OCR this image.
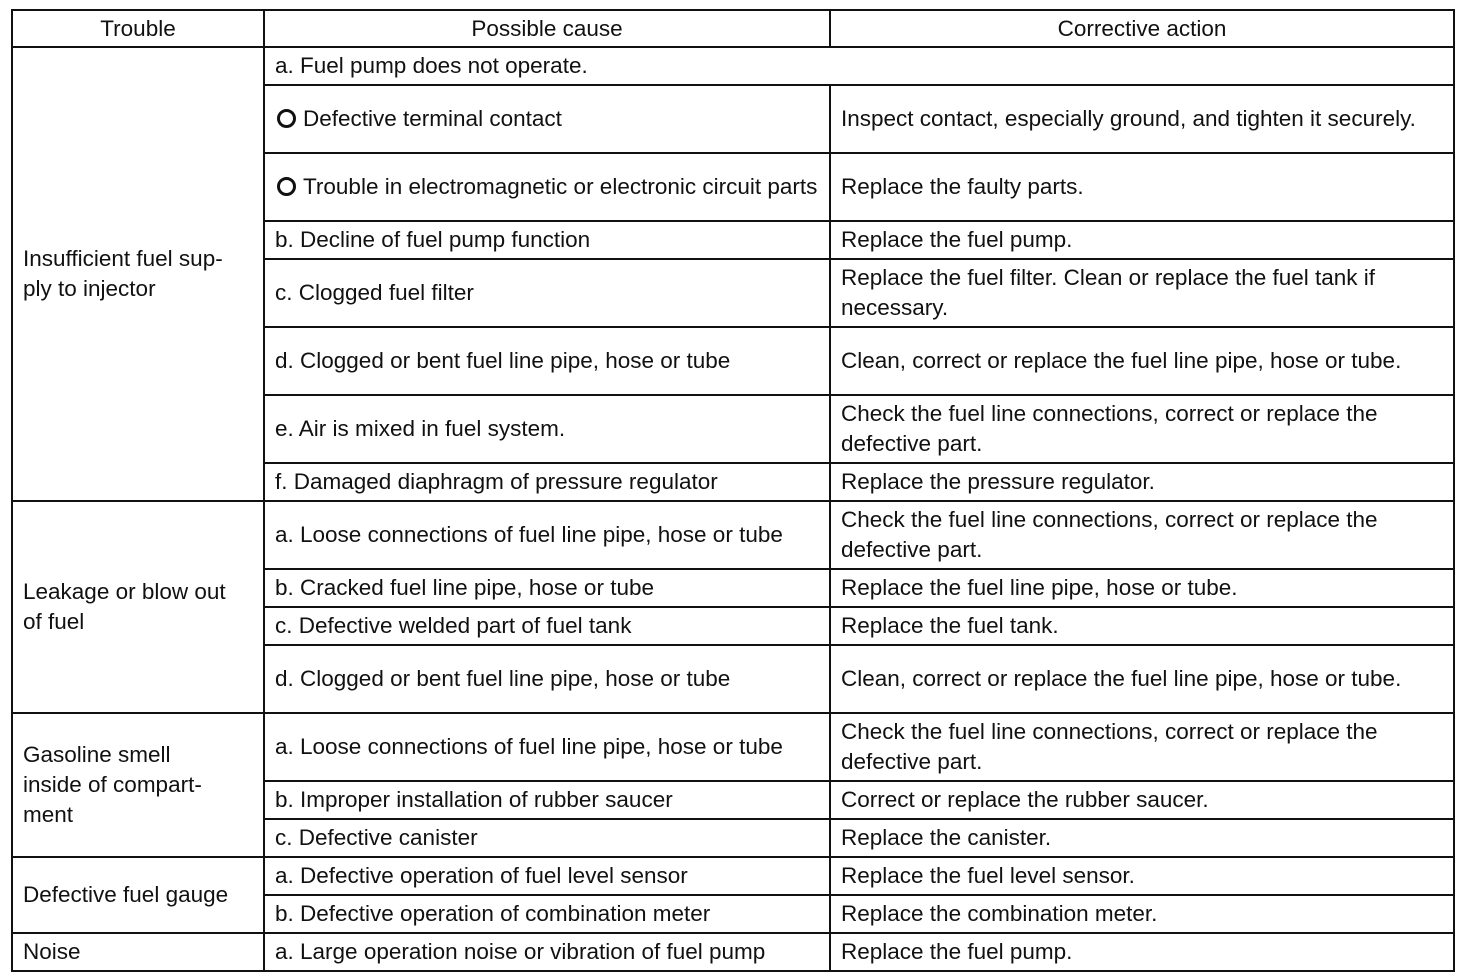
Trouble	Possible cause	Corrective action
Insufficient fuel sup-
ply to injector	a. Fuel pump does not operate.	
	Defective terminal contact	Inspect contact, especially ground, and tighten it securely.
	Trouble in electromagnetic or electronic circuit parts	Replace the faulty parts.
	b. Decline of fuel pump function	Replace the fuel pump.
	c. Clogged fuel filter	Replace the fuel filter. Clean or replace the fuel tank if necessary.
	d. Clogged or bent fuel line pipe, hose or tube	Clean, correct or replace the fuel line pipe, hose or tube.
	e. Air is mixed in fuel system.	Check the fuel line connections, correct or replace the defective part.
	f. Damaged diaphragm of pressure regulator	Replace the pressure regulator.
Leakage or blow out
of fuel	a. Loose connections of fuel line pipe, hose or tube	Check the fuel line connections, correct or replace the defective part.
	b. Cracked fuel line pipe, hose or tube	Replace the fuel line pipe, hose or tube.
	c. Defective welded part of fuel tank	Replace the fuel tank.
	d. Clogged or bent fuel line pipe, hose or tube	Clean, correct or replace the fuel line pipe, hose or tube.
Gasoline smell
inside of compart-
ment	a. Loose connections of fuel line pipe, hose or tube	Check the fuel line connections, correct or replace the defective part.
	b. Improper installation of rubber saucer	Correct or replace the rubber saucer.
	c. Defective canister	Replace the canister.
Defective fuel gauge	a. Defective operation of fuel level sensor	Replace the fuel level sensor.
	b. Defective operation of combination meter	Replace the combination meter.
Noise	a. Large operation noise or vibration of fuel pump	Replace the fuel pump.
